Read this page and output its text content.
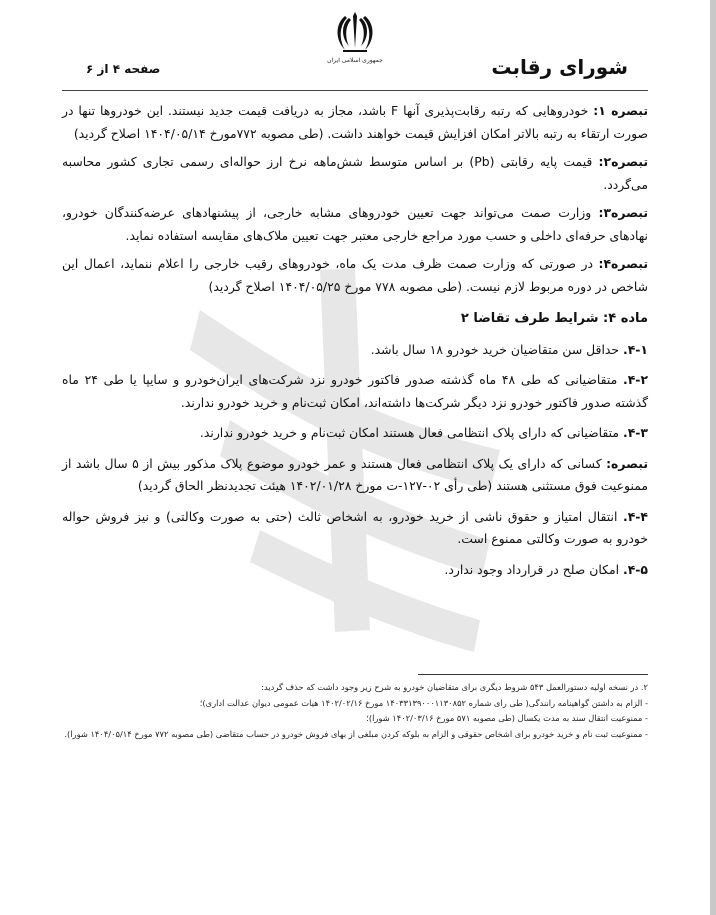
جمهوری اسلامی ایران	شورای رقابت
صفحه ۴ از ۶

تبصره ۱: خودروهایی که رتبه رقابت‌پذیری آنها F باشد، مجاز به دریافت قیمت جدید نیستند. این خودروها تنها در صورت ارتقاء به رتبه بالاتر امکان افزایش قیمت خواهند داشت. (طی مصوبه ۷۷۲مورخ ۱۴۰۴/۰۵/۱۴ اصلاح گردید)

تبصره۲: قیمت پایه رقابتی (Pb) بر اساس متوسط شش‌ماهه نرخ ارز حواله‌ای رسمی تجاری کشور محاسبه می‌گردد.

تبصره۳: وزارت صمت می‌تواند جهت تعیین خودروهای مشابه خارجی، از پیشنهادهای عرضه‌کنندگان خودرو، نهادهای حرفه‌ای داخلی و حسب مورد مراجع خارجی معتبر جهت تعیین ملاک‌های مقایسه استفاده نماید.

تبصره۴: در صورتی که وزارت صمت ظرف مدت یک ماه، خودروهای رقیب خارجی را اعلام ننماید، اعمال این شاخص در دوره مربوط لازم نیست. (طی مصوبه ۷۷۸ مورخ ۱۴۰۴/۰۵/۲۵ اصلاح گردید)

ماده ۴: شرایط طرف تقاضا ۲

۴-۱. حداقل سن متقاضیان خرید خودرو ۱۸ سال باشد.

۴-۲. متقاضیانی که طی ۴۸ ماه گذشته صدور فاکتور خودرو نزد شرکت‌های ایران‌خودرو و سایپا یا طی ۲۴ ماه گذشته صدور فاکتور خودرو نزد دیگر شرکت‌ها داشته‌اند، امکان ثبت‌نام و خرید خودرو ندارند.

۴-۳. متقاضیانی که دارای پلاک انتظامی فعال هستند امکان ثبت‌نام و خرید خودرو ندارند.

تبصره: کسانی که دارای یک پلاک انتظامی فعال هستند و عمر خودرو موضوع پلاک مذکور بیش از ۵ سال باشد از ممنوعیت فوق مستثنی هستند (طی رأی ۰۲-۱۲۷-ت مورخ ۱۴۰۲/۰۱/۲۸ هیئت تجدیدنظر الحاق گردید)

۴-۴. انتقال امتیاز و حقوق ناشی از خرید خودرو، به اشخاص ثالث (حتی به صورت وکالتی) و نیز فروش حواله خودرو به صورت وکالتی ممنوع است.

۴-۵. امکان صلح در قرارداد وجود ندارد.

۲. در نسخه اولیه دستورالعمل ۵۴۳ شروط دیگری برای متقاضیان خودرو به شرح زیر وجود داشت که حذف گردید:

- الزام به داشتن گواهینامه رانندگی( طی رای شماره ۱۴۰۳۳۱۳۹۰۰۰۱۱۳۰۸۵۲ مورخ ۱۴۰۲/۰۲/۱۶ هیات عمومی دیوان عدالت اداری)؛

- ممنوعیت انتقال سند به مدت یکسال (طی مصوبه ۵۷۱ مورخ ۱۴۰۲/۰۳/۱۶ شورا)؛

- ممنوعیت ثبت نام و خرید خودرو برای اشخاص حقوقی و الزام به بلوکه کردن مبلغی از بهای فروش خودرو در حساب متقاضی (طی مصوبه ۷۷۲ مورخ ۱۴۰۴/۰۵/۱۴ شورا).
